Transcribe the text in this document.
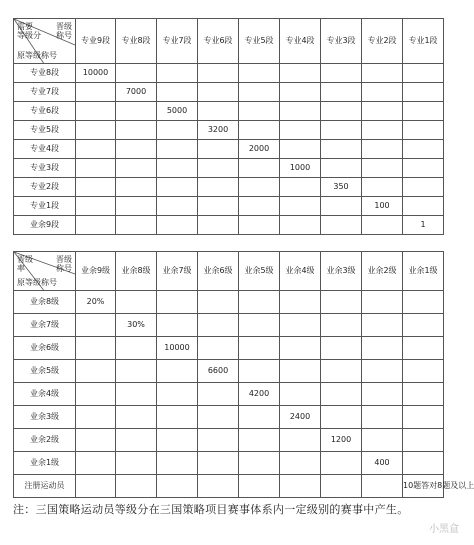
需要
等级分
晋级
称号
原等级称号	专业9段	专业8段	专业7段	专业6段	专业5段	专业4段	专业3段	专业2段	专业1段
专业8段	10000								
专业7段		7000							
专业6段			5000						
专业5段				3200					
专业4段					2000				
专业3段						1000			
专业2段							350		
专业1段								100	
业余9段									1
晋级
率
晋级
称号
原等级称号	业余9级	业余8级	业余7级	业余6级	业余5级	业余4级	业余3级	业余2级	业余1级
业余8级	20%								
业余7级		30%							
业余6级			10000						
业余5级				6600					
业余4级					4200				
业余3级						2400			
业余2级							1200		
业余1级								400	
注册运动员									10题答对8题及以上
注：三国策略运动员等级分在三国策略项目赛事体系内一定级别的赛事中产生。
小黑盒
